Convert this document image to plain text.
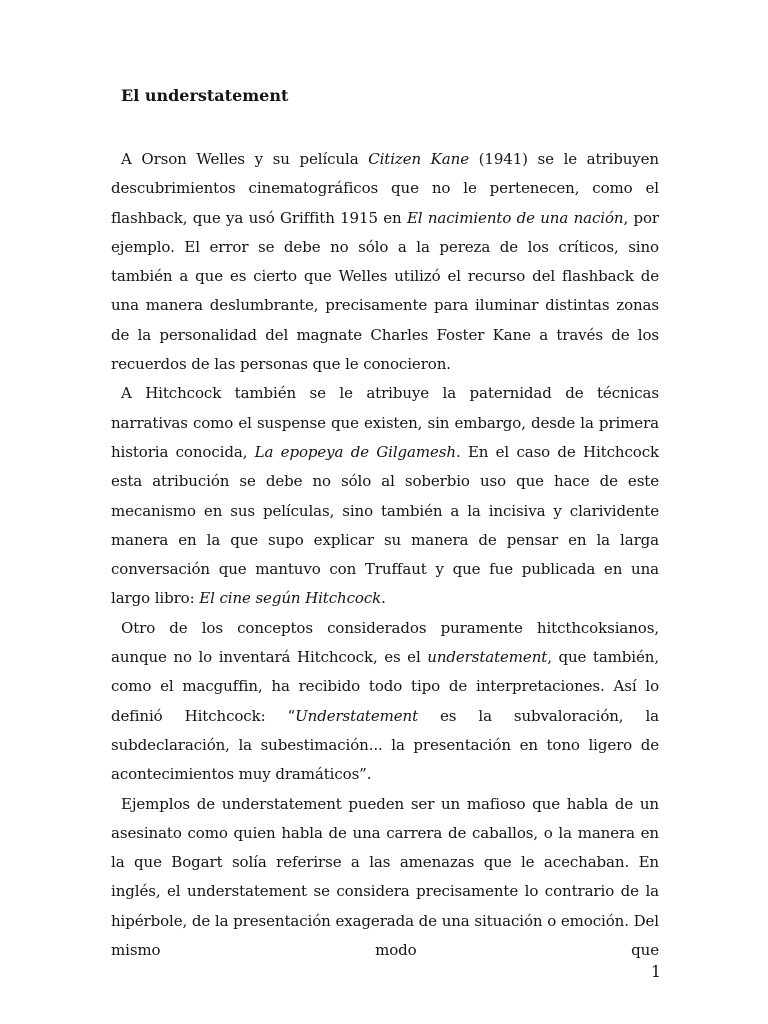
El understatement

A Orson Welles y su película Citizen Kane (1941) se le atribuyen descubrimientos cinematográficos que no le pertenecen, como el flashback, que ya usó Griffith 1915 en El nacimiento de una nación, por ejemplo. El error se debe no sólo a la pereza de los críticos, sino también a que es cierto que Welles utilizó el recurso del flashback de una manera deslumbrante, precisamente para iluminar distintas zonas de la personalidad del magnate Charles Foster Kane a través de los recuerdos de las personas que le conocieron.

A Hitchcock también se le atribuye la paternidad de técnicas narrativas como el suspense que existen, sin embargo, desde la primera historia conocida, La epopeya de Gilgamesh. En el caso de Hitchcock esta atribución se debe no sólo al soberbio uso que hace de este mecanismo en sus películas, sino también a la incisiva y clarividente manera en la que supo explicar su manera de pensar en la larga conversación que mantuvo con Truffaut y que fue publicada en una largo libro: El cine según Hitchcock.

Otro de los conceptos considerados puramente hitcthcoksianos, aunque no lo inventará Hitchcock, es el understatement, que también, como el macguffin, ha recibido todo tipo de interpretaciones. Así lo definió Hitchcock: “Understatement es la subvaloración, la subdeclaración, la subestimación... la presentación en tono ligero de acontecimientos muy dramáticos”.

Ejemplos de understatement pueden ser un mafioso que habla de un asesinato como quien habla de una carrera de caballos, o la manera en la que Bogart solía referirse a las amenazas que le acechaban. En inglés, el understatement se considera precisamente lo contrario de la hipérbole, de la presentación exagerada de una situación o emoción. Del mismo modo que

1
